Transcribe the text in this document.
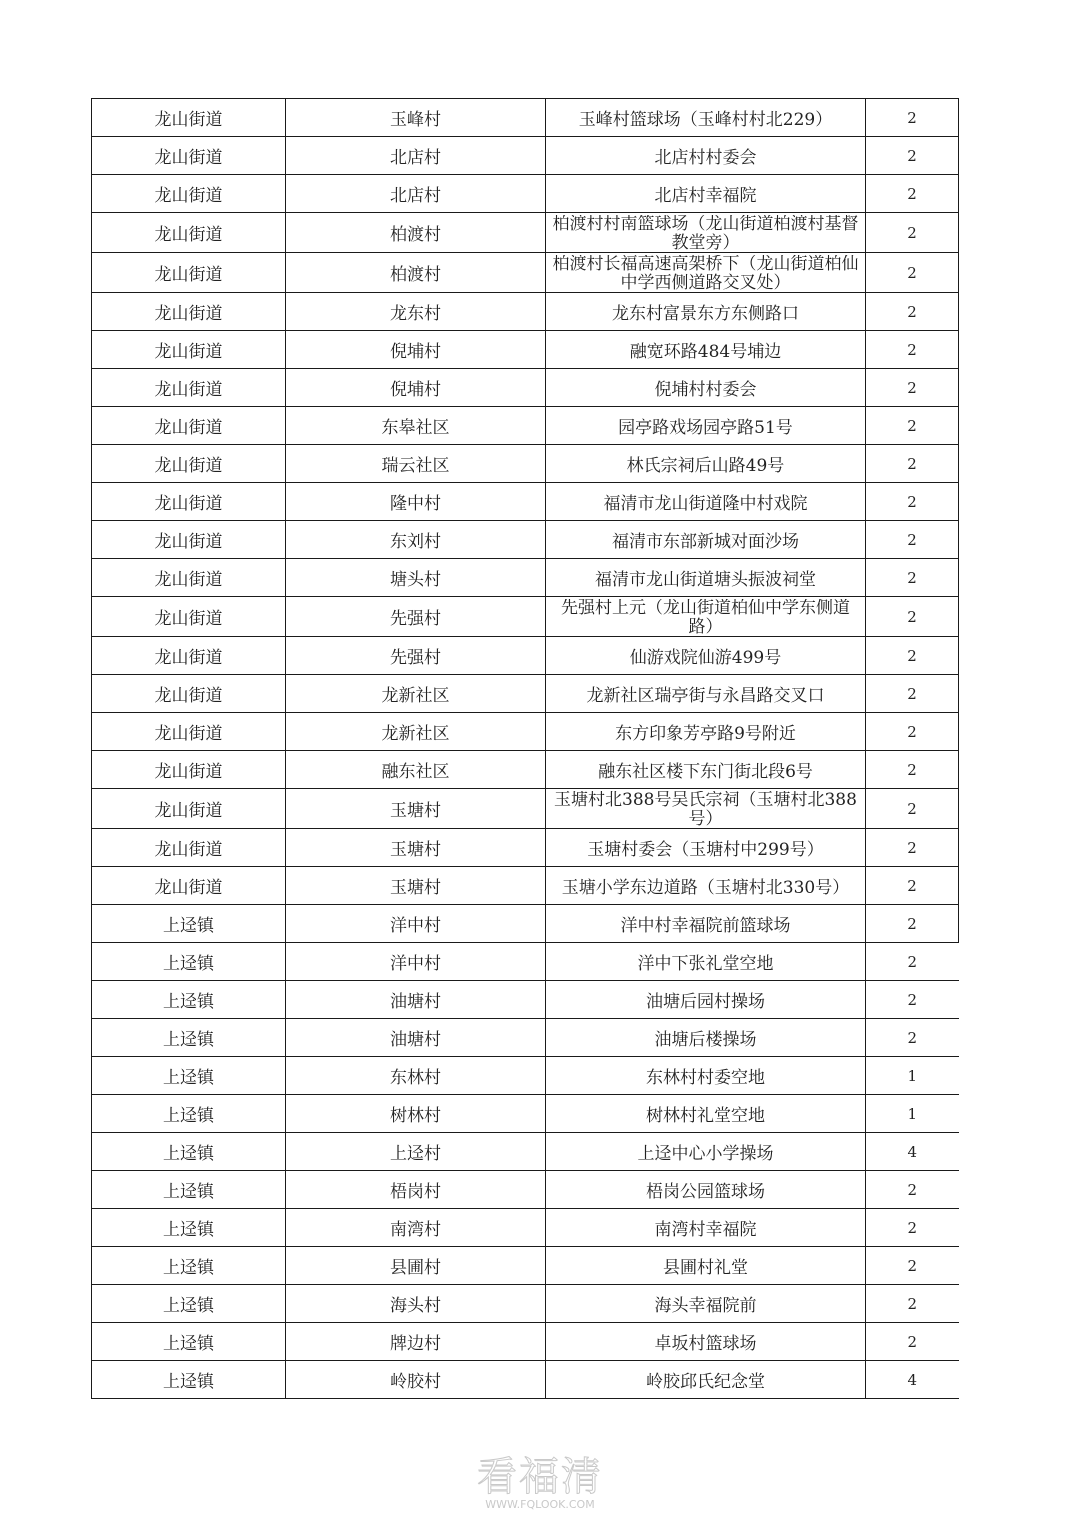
龙山街道	玉峰村	玉峰村篮球场（玉峰村村北229）	2
龙山街道	北店村	北店村村委会	2
龙山街道	北店村	北店村幸福院	2
龙山街道	柏渡村	柏渡村村南篮球场（龙山街道柏渡村基督教堂旁）	2
龙山街道	柏渡村	柏渡村长福高速高架桥下（龙山街道柏仙中学西侧道路交叉处）	2
龙山街道	龙东村	龙东村富景东方东侧路口	2
龙山街道	倪埔村	融宽环路484号埔边	2
龙山街道	倪埔村	倪埔村村委会	2
龙山街道	东皋社区	园亭路戏场园亭路51号	2
龙山街道	瑞云社区	林氏宗祠后山路49号	2
龙山街道	隆中村	福清市龙山街道隆中村戏院	2
龙山街道	东刘村	福清市东部新城对面沙场	2
龙山街道	塘头村	福清市龙山街道塘头振波祠堂	2
龙山街道	先强村	先强村上元（龙山街道柏仙中学东侧道路）	2
龙山街道	先强村	仙游戏院仙游499号	2
龙山街道	龙新社区	龙新社区瑞亭街与永昌路交叉口	2
龙山街道	龙新社区	东方印象芳亭路9号附近	2
龙山街道	融东社区	融东社区楼下东门街北段6号	2
龙山街道	玉塘村	玉塘村北388号吴氏宗祠（玉塘村北388号）	2
龙山街道	玉塘村	玉塘村委会（玉塘村中299号）	2
龙山街道	玉塘村	玉塘小学东边道路（玉塘村北330号）	2
上迳镇	洋中村	洋中村幸福院前篮球场	2
上迳镇	洋中村	洋中下张礼堂空地	2
上迳镇	油塘村	油塘后园村操场	2
上迳镇	油塘村	油塘后楼操场	2
上迳镇	东林村	东林村村委空地	1
上迳镇	树林村	树林村礼堂空地	1
上迳镇	上迳村	上迳中心小学操场	4
上迳镇	梧岗村	梧岗公园篮球场	2
上迳镇	南湾村	南湾村幸福院	2
上迳镇	县圃村	县圃村礼堂	2
上迳镇	海头村	海头幸福院前	2
上迳镇	牌边村	卓坂村篮球场	2
上迳镇	岭胶村	岭胶邱氏纪念堂	4
看福清
WWW.FQLOOK.COM
